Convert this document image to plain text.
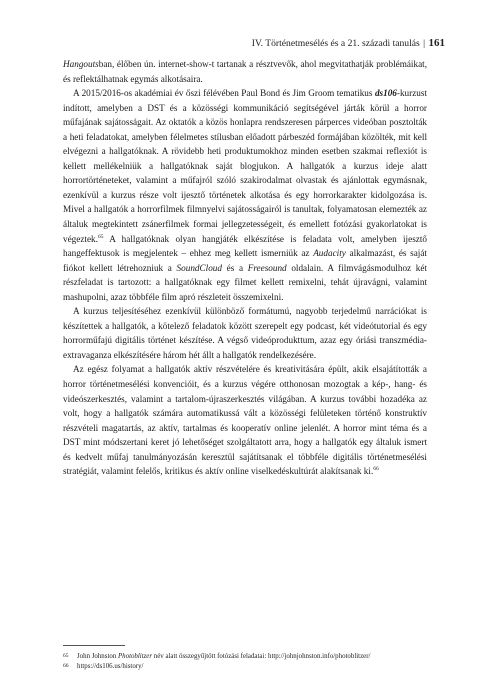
IV. Történetmesélés és a 21. századi tanulás | 161

Hangoutsban, élőben ún. internet-show-t tartanak a résztvevők, ahol megvitathatják problémáikat, és reflektálhatnak egymás alkotásaira.

A 2015/2016-os akadémiai év őszi félévében Paul Bond és Jim Groom tematikus ds106-kurzust indított, amelyben a DST és a közösségi kommunikáció segítségével járták körül a horror műfajának sajátosságait. Az oktatók a közös honlapra rendszeresen párperces videóban posztolták a heti feladatokat, amelyben félelmetes stílusban előadott párbeszéd formájában közölték, mit kell elvégezni a hallgatóknak. A rövidebb heti produktumokhoz minden esetben szakmai reflexiót is kellett mellékelniük a hallgatóknak saját blogjukon. A hallgatók a kurzus ideje alatt horrortörténeteket, valamint a műfajról szóló szakirodalmat olvastak és ajánlottak egymásnak, ezenkívül a kurzus része volt ijesztő történetek alkotása és egy horrorkarakter kidolgozása is. Mivel a hallgatók a horrorfilmek filmnyelvi sajátosságairól is tanultak, folyamatosan elemezték az általuk megtekintett zsánerfilmek formai jellegzetességeit, és emellett fotózási gyakorlatokat is végeztek.$^{65}$ A hallgatóknak olyan hangjáték elkészítése is feladata volt, amelyben ijesztő hangeffektusok is megjelentek – ehhez meg kellett ismerniük az Audacity alkalmazást, és saját fiókot kellett létrehozniuk a SoundCloud és a Freesound oldalain. A filmvágásmodulhoz két részfeladat is tartozott: a hallgatóknak egy filmet kellett remixelni, tehát újravágni, valamint mashupolni, azaz többféle film apró részleteit összemixelni.

A kurzus teljesítéséhez ezenkívül különböző formátumú, nagyobb terjedelmű narrációkat is készítettek a hallgatók, a kötelező feladatok között szerepelt egy podcast, két videótutorial és egy horrorműfajú digitális történet készítése. A végső videóprodukttum, azaz egy óriási transzmédia-extravaganza elkészítésére három hét állt a hallgatók rendelkezésére.

Az egész folyamat a hallgatók aktív részvételére és kreativitására épült, akik elsajátították a horror történetmesélési konvencióit, és a kurzus végére otthonosan mozogtak a kép-, hang- és videószerkesztés, valamint a tartalom-újraszerkesztés világában. A kurzus további hozadéka az volt, hogy a hallgatók számára automatikussá vált a közösségi felületeken történő konstruktív részvételi magatartás, az aktív, tartalmas és kooperatív online jelenlét. A horror mint téma és a DST mint módszertani keret jó lehetőséget szolgáltatott arra, hogy a hallgatók egy általuk ismert és kedvelt műfaj tanulmányozásán keresztül sajátítsanak el többféle digitális történetmesélési stratégiát, valamint felelős, kritikus és aktív online viselkedéskultúrát alakítsanak ki.$^{66}$

65	John Johnston Photoblitzer név alatt összegyűjtött fotózási feladatai: http://johnjohnston.info/photoblitzer/
66	https://ds106.us/history/
